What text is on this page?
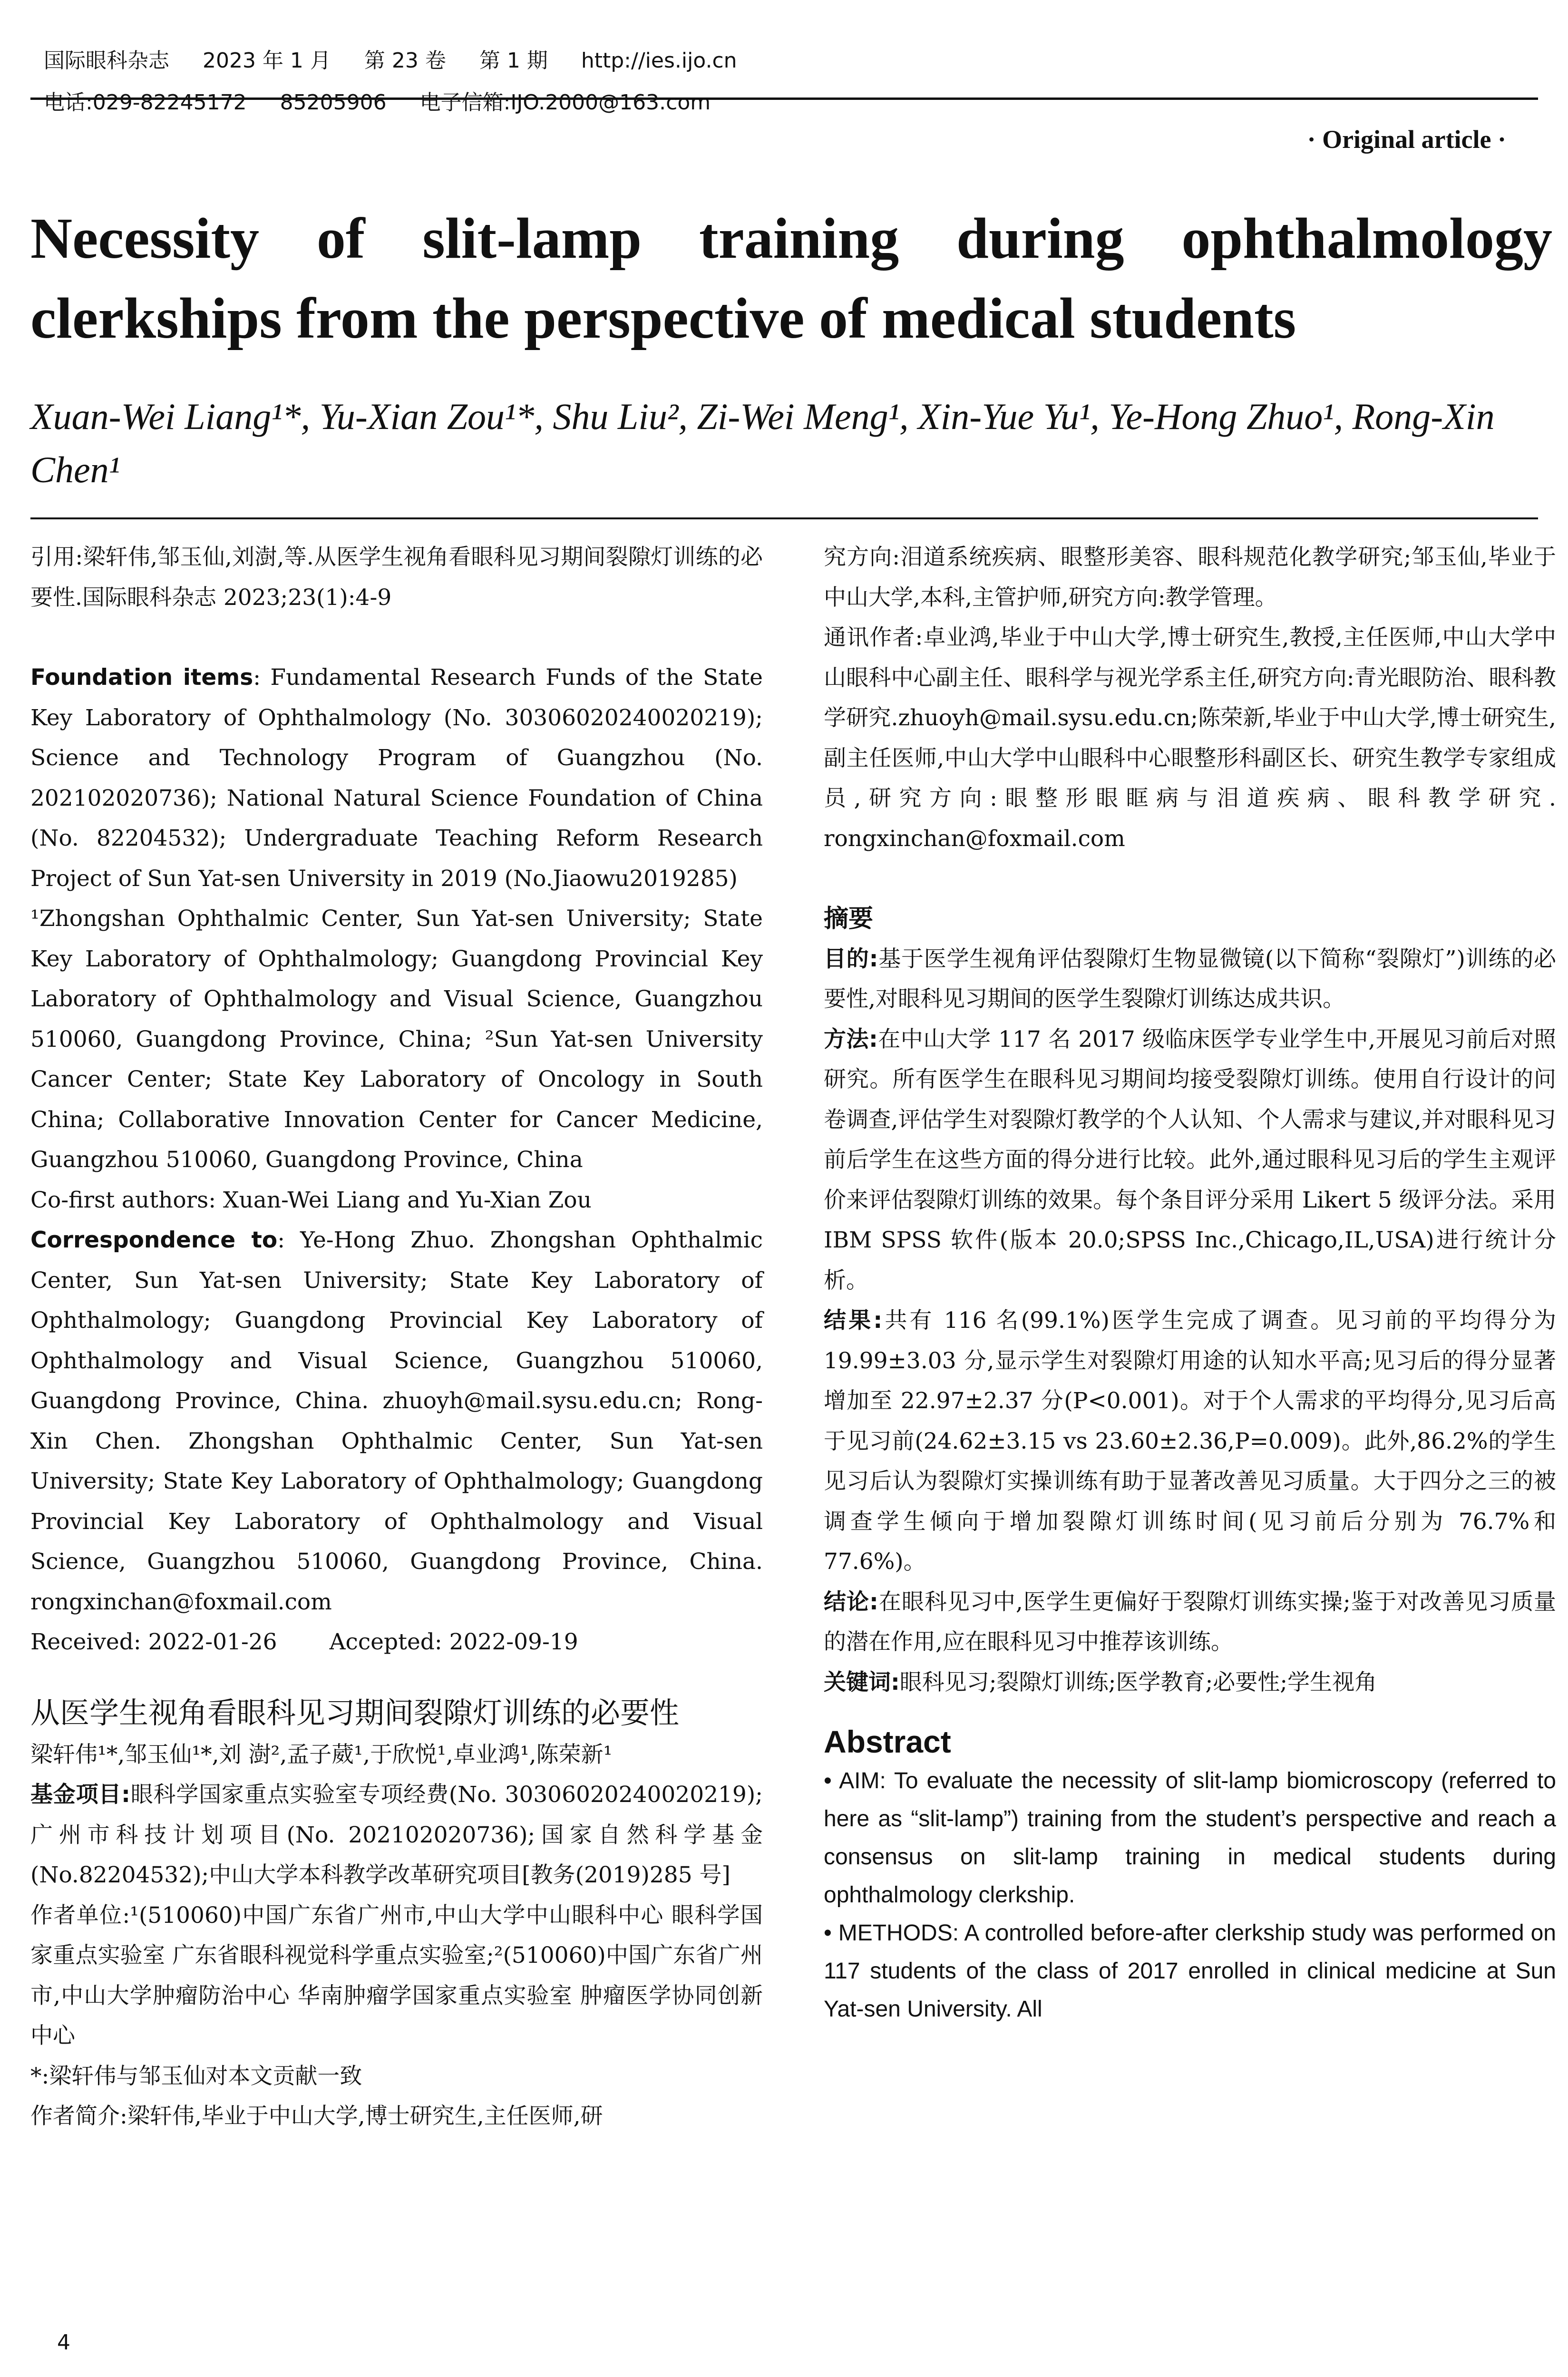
国际眼科杂志 2023 年 1 月 第 23 卷 第 1 期 http://ies.ijo.cn

电话:029-82245172 85205906 电子信箱:IJO.2000@163.com

· Original article ·
Necessity of slit-lamp training during ophthalmology clerkships from the perspective of medical students

Xuan-Wei Liang¹*, Yu-Xian Zou¹*, Shu Liu², Zi-Wei Meng¹, Xin-Yue Yu¹, Ye-Hong Zhuo¹, Rong-Xin Chen¹

引用:梁轩伟,邹玉仙,刘澍,等.从医学生视角看眼科见习期间裂隙灯训练的必要性.国际眼科杂志 2023;23(1):4-9

Foundation items: Fundamental Research Funds of the State Key Laboratory of Ophthalmology (No. 30306020240020219); Science and Technology Program of Guangzhou (No. 202102020736); National Natural Science Foundation of China (No. 82204532); Undergraduate Teaching Reform Research Project of Sun Yat-sen University in 2019 (No.Jiaowu2019285)

¹Zhongshan Ophthalmic Center, Sun Yat-sen University; State Key Laboratory of Ophthalmology; Guangdong Provincial Key Laboratory of Ophthalmology and Visual Science, Guangzhou 510060, Guangdong Province, China; ²Sun Yat-sen University Cancer Center; State Key Laboratory of Oncology in South China; Collaborative Innovation Center for Cancer Medicine, Guangzhou 510060, Guangdong Province, China

Co-first authors: Xuan-Wei Liang and Yu-Xian Zou

Correspondence to: Ye-Hong Zhuo. Zhongshan Ophthalmic Center, Sun Yat-sen University; State Key Laboratory of Ophthalmology; Guangdong Provincial Key Laboratory of Ophthalmology and Visual Science, Guangzhou 510060, Guangdong Province, China. zhuoyh@mail.sysu.edu.cn; Rong-Xin Chen. Zhongshan Ophthalmic Center, Sun Yat-sen University; State Key Laboratory of Ophthalmology; Guangdong Provincial Key Laboratory of Ophthalmology and Visual Science, Guangzhou 510060, Guangdong Province, China. rongxinchan@foxmail.com

Received: 2022-01-26 Accepted: 2022-09-19

从医学生视角看眼科见习期间裂隙灯训练的必要性

梁轩伟¹*,邹玉仙¹*,刘 澍²,孟子葳¹,于欣悦¹,卓业鸿¹,陈荣新¹

基金项目:眼科学国家重点实验室专项经费(No. 30306020240020219);广州市科技计划项目(No. 202102020736);国家自然科学基金(No.82204532);中山大学本科教学改革研究项目[教务(2019)285 号]

作者单位:¹(510060)中国广东省广州市,中山大学中山眼科中心 眼科学国家重点实验室 广东省眼科视觉科学重点实验室;²(510060)中国广东省广州市,中山大学肿瘤防治中心 华南肿瘤学国家重点实验室 肿瘤医学协同创新中心

*:梁轩伟与邹玉仙对本文贡献一致

作者简介:梁轩伟,毕业于中山大学,博士研究生,主任医师,研

究方向:泪道系统疾病、眼整形美容、眼科规范化教学研究;邹玉仙,毕业于中山大学,本科,主管护师,研究方向:教学管理。

通讯作者:卓业鸿,毕业于中山大学,博士研究生,教授,主任医师,中山大学中山眼科中心副主任、眼科学与视光学系主任,研究方向:青光眼防治、眼科教学研究.zhuoyh@mail.sysu.edu.cn;陈荣新,毕业于中山大学,博士研究生,副主任医师,中山大学中山眼科中心眼整形科副区长、研究生教学专家组成员,研究方向:眼整形眼眶病与泪道疾病、眼科教学研究. rongxinchan@foxmail.com

摘要

目的:基于医学生视角评估裂隙灯生物显微镜(以下简称“裂隙灯”)训练的必要性,对眼科见习期间的医学生裂隙灯训练达成共识。

方法:在中山大学 117 名 2017 级临床医学专业学生中,开展见习前后对照研究。所有医学生在眼科见习期间均接受裂隙灯训练。使用自行设计的问卷调查,评估学生对裂隙灯教学的个人认知、个人需求与建议,并对眼科见习前后学生在这些方面的得分进行比较。此外,通过眼科见习后的学生主观评价来评估裂隙灯训练的效果。每个条目评分采用 Likert 5 级评分法。采用 IBM SPSS 软件(版本 20.0;SPSS Inc.,Chicago,IL,USA)进行统计分析。

结果:共有 116 名(99.1%)医学生完成了调查。见习前的平均得分为 19.99±3.03 分,显示学生对裂隙灯用途的认知水平高;见习后的得分显著增加至 22.97±2.37 分(P<0.001)。对于个人需求的平均得分,见习后高于见习前(24.62±3.15 vs 23.60±2.36,P=0.009)。此外,86.2%的学生见习后认为裂隙灯实操训练有助于显著改善见习质量。大于四分之三的被调查学生倾向于增加裂隙灯训练时间(见习前后分别为 76.7%和 77.6%)。

结论:在眼科见习中,医学生更偏好于裂隙灯训练实操;鉴于对改善见习质量的潜在作用,应在眼科见习中推荐该训练。

关键词:眼科见习;裂隙灯训练;医学教育;必要性;学生视角

Abstract

• AIM: To evaluate the necessity of slit-lamp biomicroscopy (referred to here as “slit-lamp”) training from the student’s perspective and reach a consensus on slit-lamp training in medical students during ophthalmology clerkship.

• METHODS: A controlled before-after clerkship study was performed on 117 students of the class of 2017 enrolled in clinical medicine at Sun Yat-sen University. All

4
